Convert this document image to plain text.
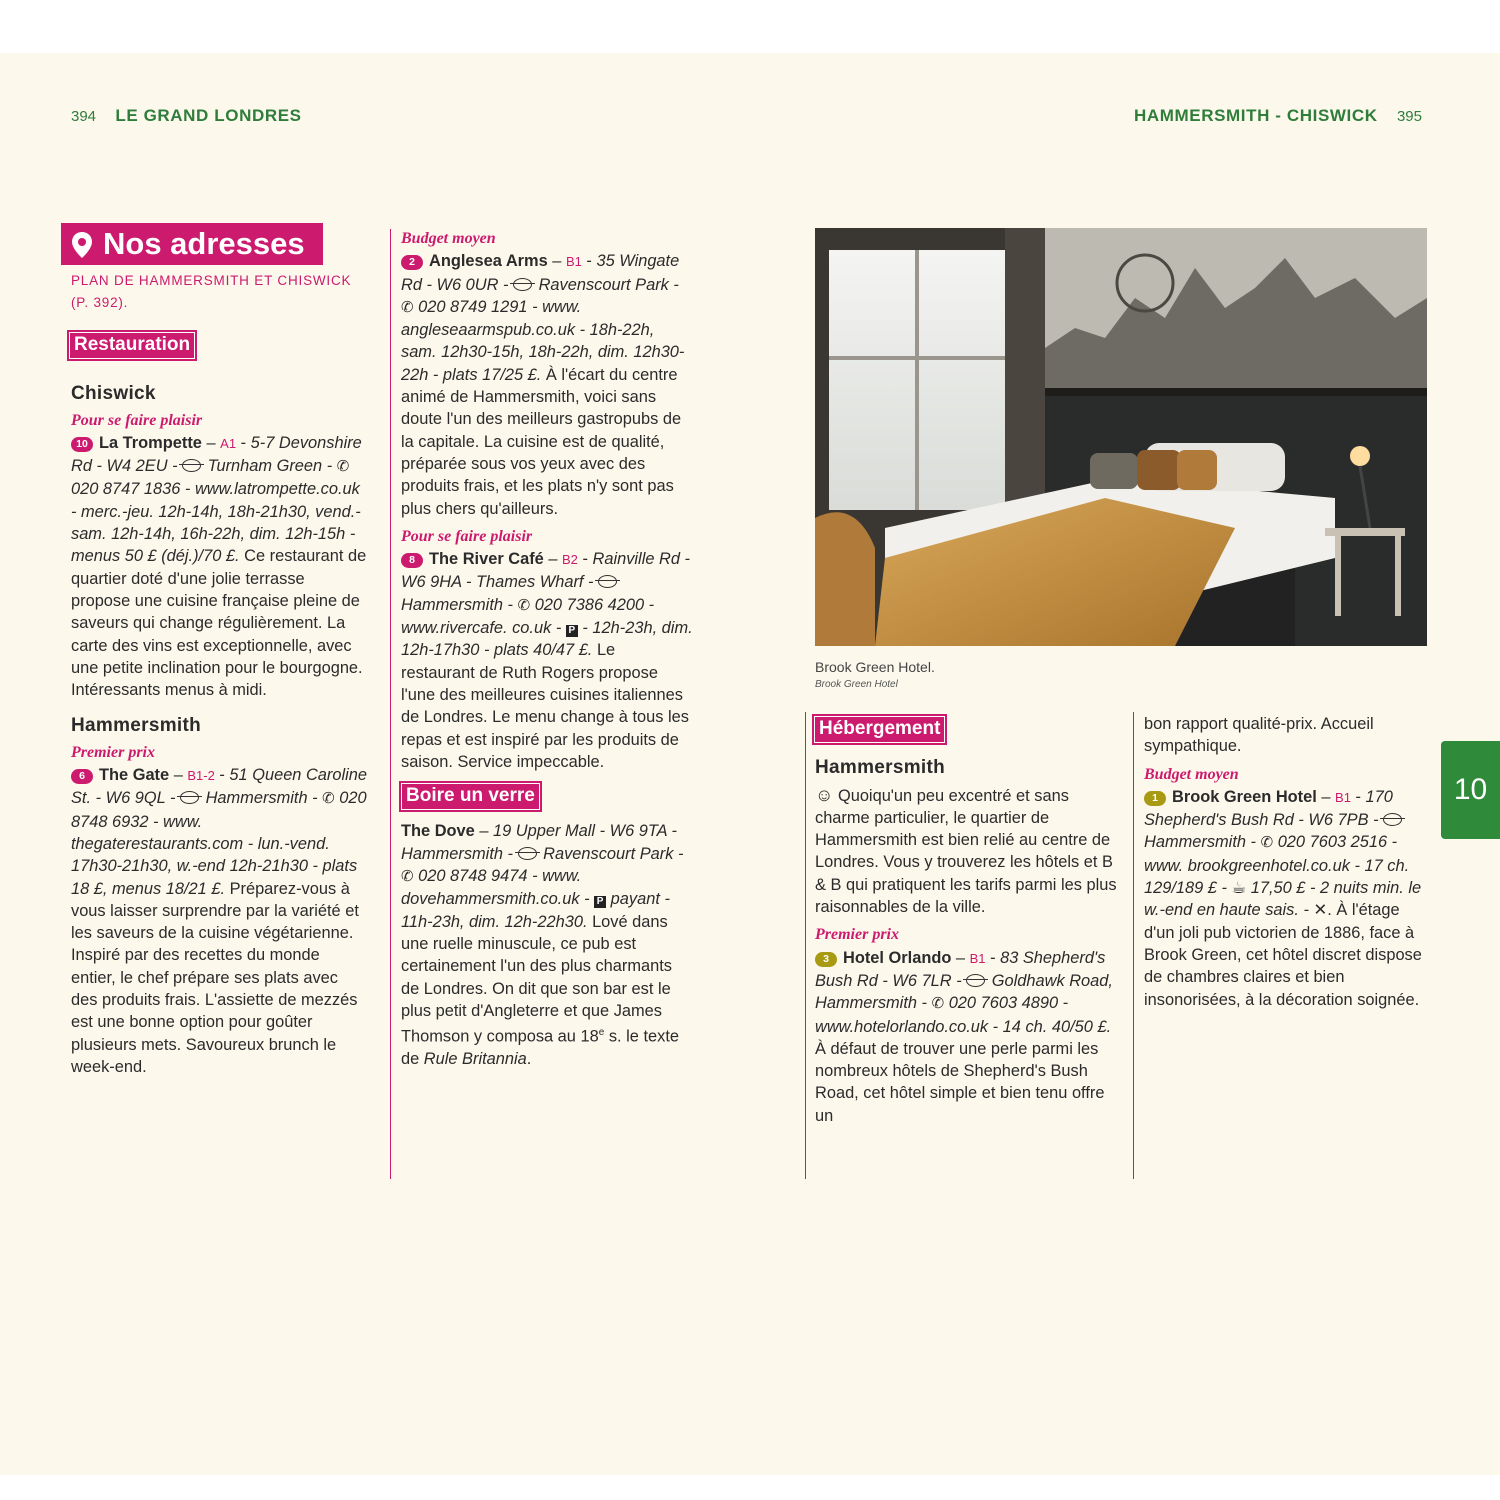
394 LE GRAND LONDRES	HAMMERSMITH - CHISWICK 395
Nos adresses
PLAN DE HAMMERSMITH ET CHISWICK
(P. 392).
Restauration
Chiswick
Pour se faire plaisir

10 La Trompette – A1 - 5-7 Devonshire Rd - W4 2EU -  Turnham Green - ✆ 020 8747 1836 - www.latrompette.co.uk - merc.-jeu. 12h-14h, 18h-21h30, vend.-sam. 12h-14h, 16h-22h, dim. 12h-15h - menus 50 £ (déj.)/70 £. Ce restaurant de quartier doté d'une jolie terrasse propose une cuisine française pleine de saveurs qui change régulièrement. La carte des vins est exceptionnelle, avec une petite inclination pour le bourgogne. Intéressants menus à midi.

Hammersmith
Premier prix

6 The Gate – B1-2 - 51 Queen Caroline St. - W6 9QL -  Hammersmith - ✆ 020 8748 6932 - www. thegaterestaurants.com - lun.-vend. 17h30-21h30, w.-end 12h-21h30 - plats 18 £, menus 18/21 £. Préparez-vous à vous laisser surprendre par la variété et les saveurs de la cuisine végétarienne. Inspiré par des recettes du monde entier, le chef prépare ses plats avec des produits frais. L'assiette de mezzés est une bonne option pour goûter plusieurs mets. Savoureux brunch le week-end.

Budget moyen

2 Anglesea Arms – B1 - 35 Wingate Rd - W6 0UR -  Ravenscourt Park - ✆ 020 8749 1291 - www. angleseaarmspub.co.uk - 18h-22h, sam. 12h30-15h, 18h-22h, dim. 12h30-22h - plats 17/25 £. À l'écart du centre animé de Hammersmith, voici sans doute l'un des meilleurs gastropubs de la capitale. La cuisine est de qualité, préparée sous vos yeux avec des produits frais, et les plats n'y sont pas plus chers qu'ailleurs.

Pour se faire plaisir

8 The River Café – B2 - Rainville Rd - W6 9HA - Thames Wharf -  Hammersmith - ✆ 020 7386 4200 - www.rivercafe. co.uk - P - 12h-23h, dim. 12h-17h30 - plats 40/47 £. Le restaurant de Ruth Rogers propose l'une des meilleures cuisines italiennes de Londres. Le menu change à tous les repas et est inspiré par les produits de saison. Service impeccable.

Boire un verre

The Dove – 19 Upper Mall - W6 9TA - Hammersmith -  Ravenscourt Park - ✆ 020 8748 9474 - www. dovehammersmith.co.uk - P payant - 11h-23h, dim. 12h-22h30. Lové dans une ruelle minuscule, ce pub est certainement l'un des plus charmants de Londres. On dit que son bar est le plus petit d'Angleterre et que James Thomson y composa au 18e s. le texte de Rule Britannia.

Brook Green Hotel.
Brook Green Hotel
Hébergement
Hammersmith

☺ Quoiqu'un peu excentré et sans charme particulier, le quartier de Hammersmith est bien relié au centre de Londres. Vous y trouverez les hôtels et B & B qui pratiquent les tarifs parmi les plus raisonnables de la ville.

Premier prix

3 Hotel Orlando – B1 - 83 Shepherd's Bush Rd - W6 7LR -  Goldhawk Road, Hammersmith - ✆ 020 7603 4890 - www.hotelorlando.co.uk - 14 ch. 40/50 £. À défaut de trouver une perle parmi les nombreux hôtels de Shepherd's Bush Road, cet hôtel simple et bien tenu offre un

bon rapport qualité-prix. Accueil sympathique.

Budget moyen

1 Brook Green Hotel – B1 - 170 Shepherd's Bush Rd - W6 7PB -  Hammersmith - ✆ 020 7603 2516 - www. brookgreenhotel.co.uk - 17 ch. 129/189 £ - ☕ 17,50 £ - 2 nuits min. le w.-end en haute sais. - ✕. À l'étage d'un joli pub victorien de 1886, face à Brook Green, cet hôtel discret dispose de chambres claires et bien insonorisées, à la décoration soignée.

10
